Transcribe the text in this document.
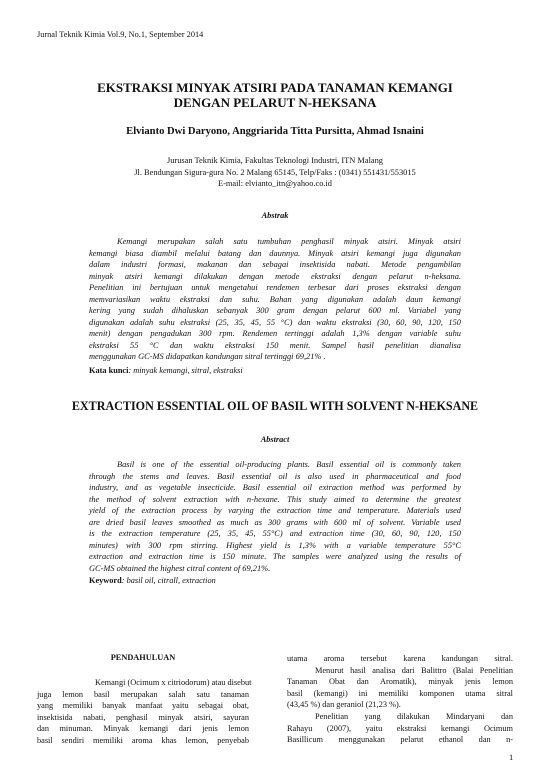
Jurnal Teknik Kimia Vol.9, No.1, September 2014
EKSTRAKSI MINYAK ATSIRI PADA TANAMAN KEMANGI
DENGAN PELARUT N-HEKSANA
Elvianto Dwi Daryono, Anggriarida Titta Pursitta, Ahmad Isnaini
Jurusan Teknik Kimia, Fakultas Teknologi Industri, ITN Malang
Jl. Bendungan Sigura-gura No. 2 Malang 65145, Telp/Faks : (0341) 551431/553015
E-mail: elvianto_itn@yahoo.co.id
Abstrak
Kemangi merupakan salah satu tumbuhan penghasil minyak atsiri. Minyak atsiri
kemangi biasa diambil melalui batang dan daunnya. Minyak atsiri kemangi juga digunakan
dalam industri formasi, makanan dan sebagai insektisida nabati. Metode pengambilan
minyak atsiri kemangi dilakukan dengan metode ekstraksi dengan pelarut n-heksana.
Penelitian ini bertujuan untuk mengetahui rendemen terbesar dari proses ekstraksi dengan
memvariasikan waktu ekstraksi dan suhu. Bahan yang digunakan adalah daun kemangi
kering yang sudah dihaluskan sebanyak 300 gram dengan pelarut 600 ml. Variabel yang
digunakan adalah suhu ekstraksi (25, 35, 45, 55 °C) dan waktu ekstraksi (30, 60, 90, 120, 150
menit) dengan pengadukan 300 rpm. Rendemen tertinggi adalah 1,3% dengan variable suhu
ekstraksi 55 °C dan waktu ekstraksi 150 menit. Sampel hasil penelitian dianalisa
menggunakan GC-MS didapatkan kandungan sitral tertinggi 69,21% .
Kata kunci: minyak kemangi, sitral, ekstraksi
EXTRACTION ESSENTIAL OIL OF BASIL WITH SOLVENT N-HEKSANE
Abstract
Basil is one of the essential oil-producing plants. Basil essential oil is commonly taken
through the stems and leaves. Basil essential oil is also used in pharmaceutical and food
industry, and as vegetable insecticide. Basil essential oil extraction method was performed by
the method of solvent extraction with n-hexane. This study aimed to determine the greatest
yield of the extraction process by varying the extraction time and temperature. Materials used
are dried basil leaves smoothed as much as 300 grams with 600 ml of solvent. Variable used
is the extraction temperature (25, 35, 45, 55°C) and extraction time (30, 60, 90, 120, 150
minutes) with 300 rpm stirring. Highest yield is 1,3% with a variable temperature 55°C
extraction and extraction time is 150 minute. The samples were analyzed using the results of
GC-MS obtained the highest citral content of 69,21%.
Keyword: basil oil, citrall, extraction
PENDAHULUAN
Kemangi (Ocimum x citriodorum) atau disebut
juga lemon basil merupakan salah satu tanaman
yang memiliki banyak manfaat yaitu sebagai obat,
insektisida nabati, penghasil minyak atsiri, sayuran
dan minuman. Minyak kemangi dari jenis lemon
basil sendiri memiliki aroma khas lemon, penyebab
utama aroma tersebut karena kandungan sitral.
Menurut hasil analisa dari Balittro (Balai Penelitian
Tanaman Obat dan Aromatik), minyak jenis lemon
basil (kemangi) ini memiliki komponen utama sitral
(43,45 %) dan geraniol (21,23 %).
Penelitian yang dilakukan Mindaryani dan
Rahayu (2007), yaitu ekstraksi kemangi Ocimum
Basillicum menggunakan pelarut ethanol dan n-
1
